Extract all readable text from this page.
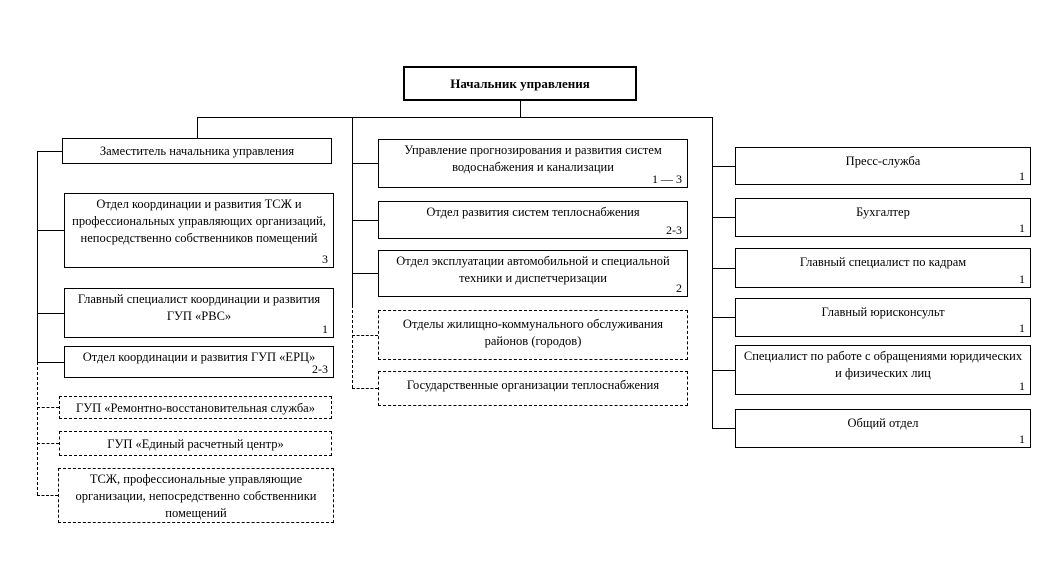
Начальник управления
Заместитель начальника управления
Отдел координации и развития ТСЖ и профессиональных управляющих организаций, непосредственно собственников помещений
3
Главный специалист координации и развития ГУП «РВС»
1
Отдел координации и развития ГУП «ЕРЦ»
2-3
ГУП «Ремонтно-восстановительная служба»
ГУП «Единый расчетный центр»
ТСЖ, профессиональные управляющие организации, непосредственно собственники помещений
Управление прогнозирования и развития систем водоснабжения и канализации
1 — 3
Отдел развития систем теплоснабжения
2-3
Отдел эксплуатации автомобильной и специальной техники и диспетчеризации
2
Отделы жилищно-коммунального обслуживания районов (городов)
Государственные организации теплоснабжения
Пресс-служба
1
Бухгалтер
1
Главный специалист по кадрам
1
Главный юрисконсульт
1
Специалист по работе с обращениями юридических и физических лиц
1
Общий отдел
1
